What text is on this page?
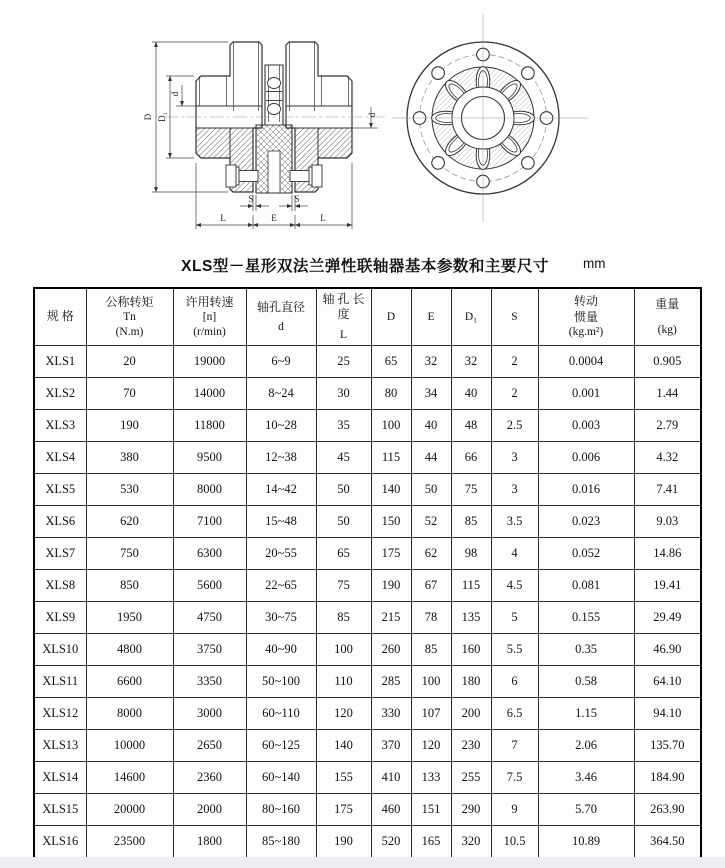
D D₁
d
d
S	S
L	E	L
XLS型－星形双法兰弹性联轴器基本参数和主要尺寸	mm
规 格

公称转矩
Tn
(N.m)

许用转速
[n]
(r/min)

轴孔直径
d

轴 孔 长 度
L

D	E	D₁	S

转动
惯量
(kg.m²)

重量
(kg)

XLS1	20	19000	6~9	25	65	32	32	2	0.0004	0.905
XLS2	70	14000	8~24	30	80	34	40	2	0.001	1.44
XLS3	190	11800	10~28	35	100	40	48	2.5	0.003	2.79
XLS4	380	9500	12~38	45	115	44	66	3	0.006	4.32
XLS5	530	8000	14~42	50	140	50	75	3	0.016	7.41
XLS6	620	7100	15~48	50	150	52	85	3.5	0.023	9.03
XLS7	750	6300	20~55	65	175	62	98	4	0.052	14.86
XLS8	850	5600	22~65	75	190	67	115	4.5	0.081	19.41
XLS9	1950	4750	30~75	85	215	78	135	5	0.155	29.49
XLS10	4800	3750	40~90	100	260	85	160	5.5	0.35	46.90
XLS11	6600	3350	50~100	110	285	100	180	6	0.58	64.10
XLS12	8000	3000	60~110	120	330	107	200	6.5	1.15	94.10
XLS13	10000	2650	60~125	140	370	120	230	7	2.06	135.70
XLS14	14600	2360	60~140	155	410	133	255	7.5	3.46	184.90
XLS15	20000	2000	80~160	175	460	151	290	9	5.70	263.90
XLS16	23500	1800	85~180	190	520	165	320	10.5	10.89	364.50
